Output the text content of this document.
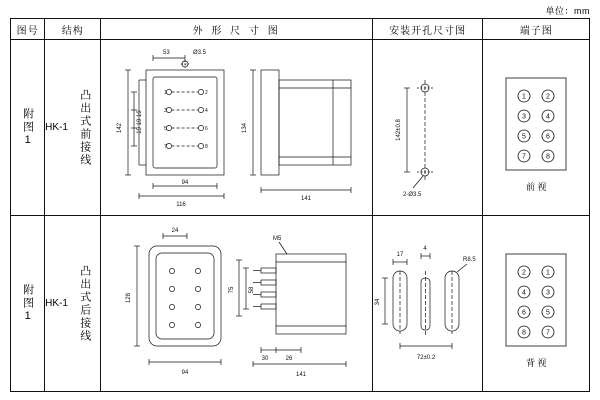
单位：mm
图号	结构	外 形 尺 寸 图	安装开孔尺寸图	端子图

附图1	HK-1 凸出式前接线

53	Ø3.5
142 19 19 19
94
116
134
141
1	2
3	4
5	6
7	8

142±0.8
2-Ø3.5

1	2
3	4
5	6
7	8
前 视

附图1	HK-1 凸出式后接线

24
128
94
M5
75 58
30	26
141

17
4
R8.5
34
72±0.2

2	1
4	3
6	5
8	7
背 视
